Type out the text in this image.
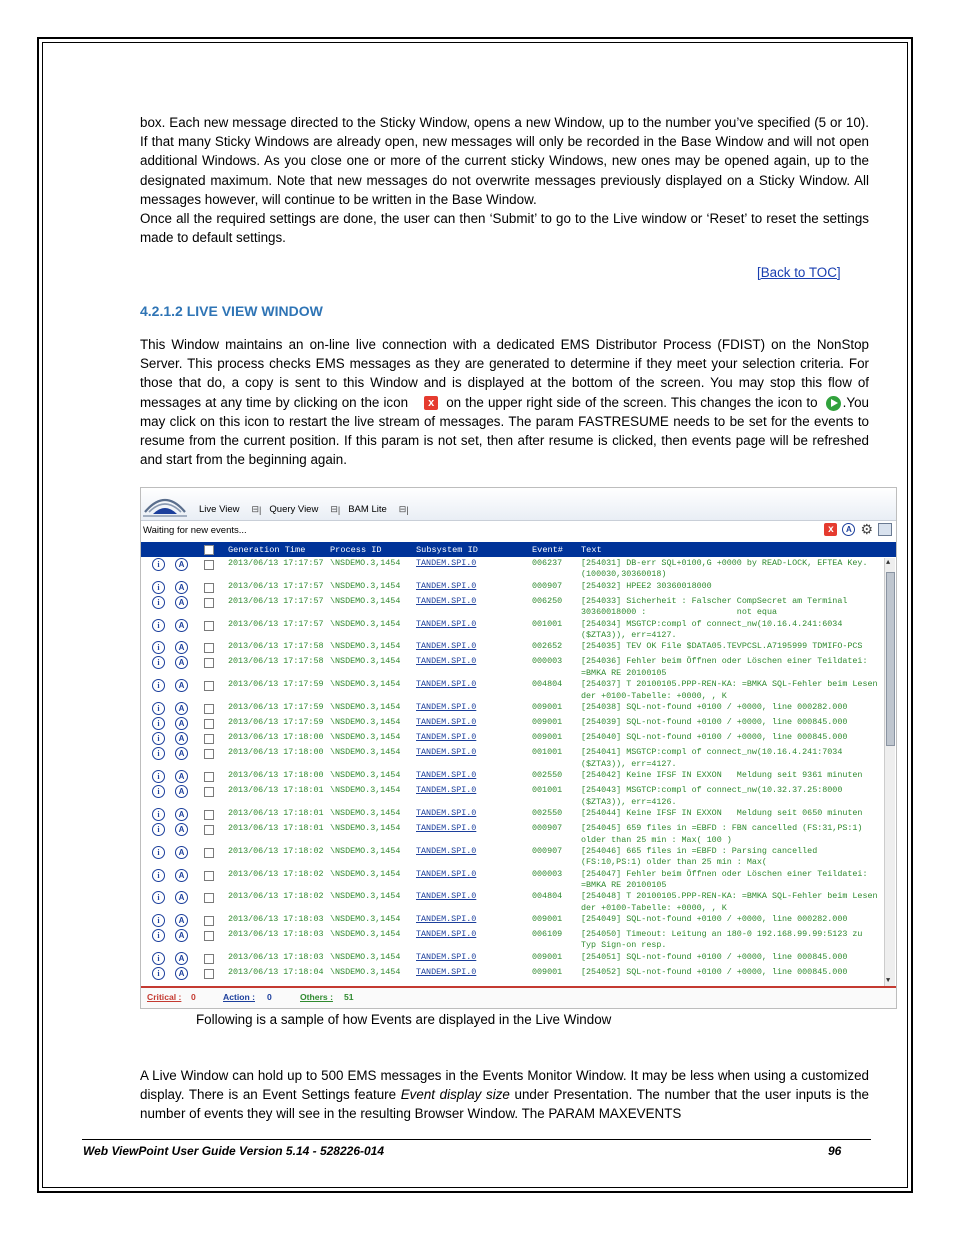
box. Each new message directed to the Sticky Window, opens a new Window, up to the number you’ve specified (5 or 10). If that many Sticky Windows are already open, new messages will only be recorded in the Base Window and will not open additional Windows. As you close one or more of the current sticky Windows, new ones may be opened again, up to the designated maximum. Note that new messages do not overwrite messages previously displayed on a Sticky Window. All messages however, will continue to be written in the Base Window.

Once all the required settings are done, the user can then ‘Submit’ to go to the Live window or ‘Reset’ to reset the settings made to default settings.

[Back to TOC]
4.2.1.2 LIVE VIEW WINDOW
This Window maintains an on-line live connection with a dedicated EMS Distributor Process (FDIST) on the NonStop Server. This process checks EMS messages as they are generated to determine if they meet your selection criteria. For those that do, a copy is sent to this Window and is displayed at the bottom of the screen. You may stop this flow of messages at any time by clicking on the icon x on the upper right side of the screen. This changes the icon to .You may click on this icon to restart the live stream of messages. The param FASTRESUME needs to be set for the events to resume from the current position. If this param is not set, then after resume is clicked, then events page will be refreshed and start from the beginning again.
Live View ⊟ | Query View ⊟ | BAM Lite ⊟ |
Waiting for new events...	x	A ⚙
Generation Time	Process ID	Subsystem ID	Event# Text
i	A	2013/06/13 17:17:57 \NSDEMO.3,1454 TANDEM.SPI.0	006237 [254031] DB-err SQL+0100,G +0000 by READ-LOCK, EFTEA Key.
(100030,30360018)
i	A	2013/06/13 17:17:57 \NSDEMO.3,1454 TANDEM.SPI.0	000907 [254032] HPEE2 30360018000
i	A	2013/06/13 17:17:57 \NSDEMO.3,1454 TANDEM.SPI.0	006250 [254033] Sicherheit : Falscher CompSecret am Terminal
30360018000 :                  not equa
i	A	2013/06/13 17:17:57 \NSDEMO.3,1454 TANDEM.SPI.0	001001 [254034] MSGTCP:compl of connect_nw(10.16.4.241:6034
($ZTA3)), err=4127.
i	A	2013/06/13 17:17:58 \NSDEMO.3,1454 TANDEM.SPI.0	002652 [254035] TEV OK File $DATA05.TEVPCSL.A7195999 TDMIFO-PCS
i	A	2013/06/13 17:17:58 \NSDEMO.3,1454 TANDEM.SPI.0	000003 [254036] Fehler beim Öffnen oder Löschen einer Teildatei:
=BMKA RE 20100105
i	A	2013/06/13 17:17:59 \NSDEMO.3,1454 TANDEM.SPI.0	004804 [254037] T 20100105.PPP-REN-KA: =BMKA SQL-Fehler beim Lesen
der +0100-Tabelle: +0000, , K
i	A	2013/06/13 17:17:59 \NSDEMO.3,1454 TANDEM.SPI.0	009001 [254038] SQL-not-found +0100 / +0000, line 000282.000
i	A	2013/06/13 17:17:59 \NSDEMO.3,1454 TANDEM.SPI.0	009001 [254039] SQL-not-found +0100 / +0000, line 000845.000
i	A	2013/06/13 17:18:00 \NSDEMO.3,1454 TANDEM.SPI.0	009001 [254040] SQL-not-found +0100 / +0000, line 000845.000
i	A	2013/06/13 17:18:00 \NSDEMO.3,1454 TANDEM.SPI.0	001001 [254041] MSGTCP:compl of connect_nw(10.16.4.241:7034
($ZTA3)), err=4127.
i	A	2013/06/13 17:18:00 \NSDEMO.3,1454 TANDEM.SPI.0	002550 [254042] Keine IFSF IN EXXON   Meldung seit 9361 minuten
i	A	2013/06/13 17:18:01 \NSDEMO.3,1454 TANDEM.SPI.0	001001 [254043] MSGTCP:compl of connect_nw(10.32.37.25:8000
($ZTA3)), err=4126.
i	A	2013/06/13 17:18:01 \NSDEMO.3,1454 TANDEM.SPI.0	002550 [254044] Keine IFSF IN EXXON   Meldung seit 0650 minuten
i	A	2013/06/13 17:18:01 \NSDEMO.3,1454 TANDEM.SPI.0	000907 [254045] 659 files in =EBFD : FBN cancelled (FS:31,PS:1)
older than 25 min : Max( 100 )
i	A	2013/06/13 17:18:02 \NSDEMO.3,1454 TANDEM.SPI.0	000907 [254046] 665 files in =EBFD : Parsing cancelled
(FS:10,PS:1) older than 25 min : Max(
i	A	2013/06/13 17:18:02 \NSDEMO.3,1454 TANDEM.SPI.0	000003 [254047] Fehler beim Öffnen oder Löschen einer Teildatei:
=BMKA RE 20100105
i	A	2013/06/13 17:18:02 \NSDEMO.3,1454 TANDEM.SPI.0	004804 [254048] T 20100105.PPP-REN-KA: =BMKA SQL-Fehler beim Lesen
der +0100-Tabelle: +0000, , K
i	A	2013/06/13 17:18:03 \NSDEMO.3,1454 TANDEM.SPI.0	009001 [254049] SQL-not-found +0100 / +0000, line 000282.000
i	A	2013/06/13 17:18:03 \NSDEMO.3,1454 TANDEM.SPI.0	006109 [254050] Timeout: Leitung an 180-0 192.168.99.99:5123 zu
Typ Sign-on resp.
i	A	2013/06/13 17:18:03 \NSDEMO.3,1454 TANDEM.SPI.0	009001 [254051] SQL-not-found +0100 / +0000, line 000845.000
i	A	2013/06/13 17:18:04 \NSDEMO.3,1454 TANDEM.SPI.0	009001 [254052] SQL-not-found +0100 / +0000, line 000845.000
▲
▼
Critical : 0	Action : 0	Others : 51
Following is a sample of how Events are displayed in the Live Window
A Live Window can hold up to 500 EMS messages in the Events Monitor Window. It may be less when using a customized display. There is an Event Settings feature Event display size under Presentation. The number that the user inputs is the number of events they will see in the resulting Browser Window. The PARAM MAXEVENTS
Web ViewPoint User Guide Version 5.14 - 528226-014	96
